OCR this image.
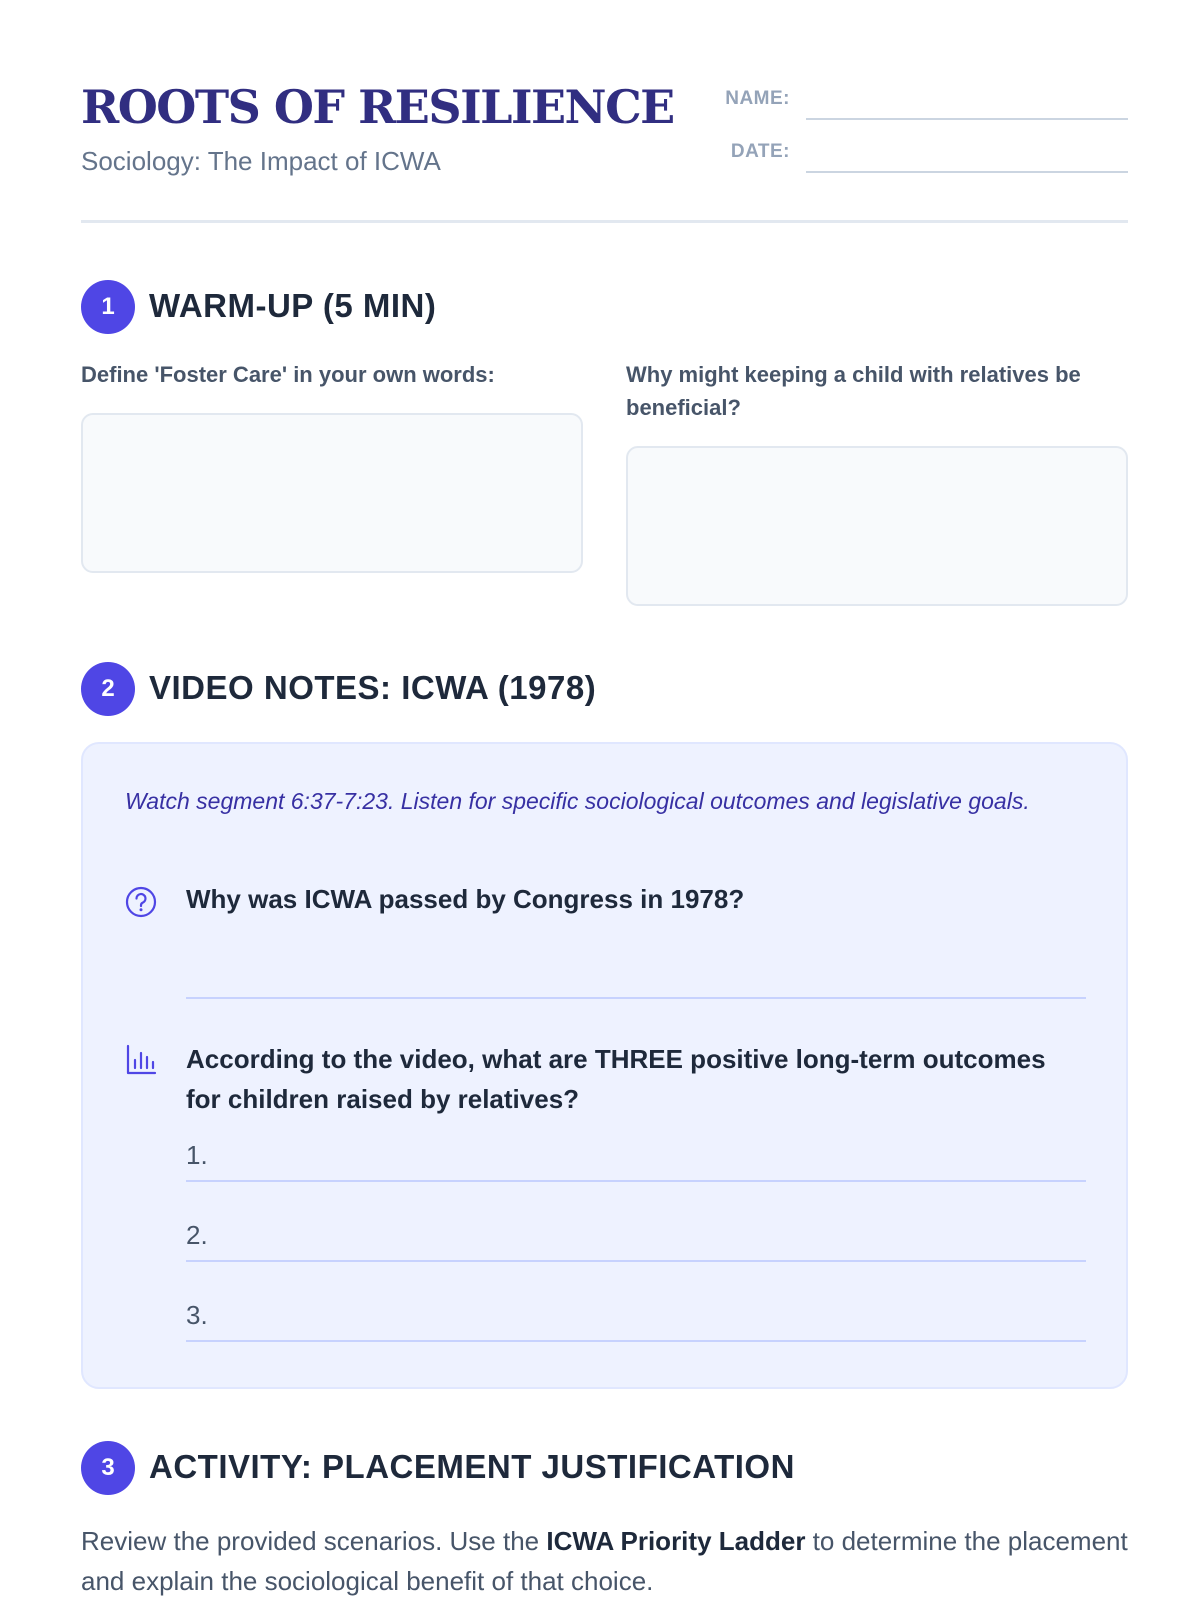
ROOTS OF RESILIENCE
Sociology: The Impact of ICWA
NAME:
DATE:
1	WARM-UP (5 MIN)
Define 'Foster Care' in your own words:	Why might keeping a child with relatives be beneficial?
2	VIDEO NOTES: ICWA (1978)
Watch segment 6:37-7:23. Listen for specific sociological outcomes and legislative goals.
Why was ICWA passed by Congress in 1978?
According to the video, what are THREE positive long-term outcomes for children raised by relatives?
1.
2.
3.
3	ACTIVITY: PLACEMENT JUSTIFICATION

Review the provided scenarios. Use the ICWA Priority Ladder to determine the placement and explain the sociological benefit of that choice.
